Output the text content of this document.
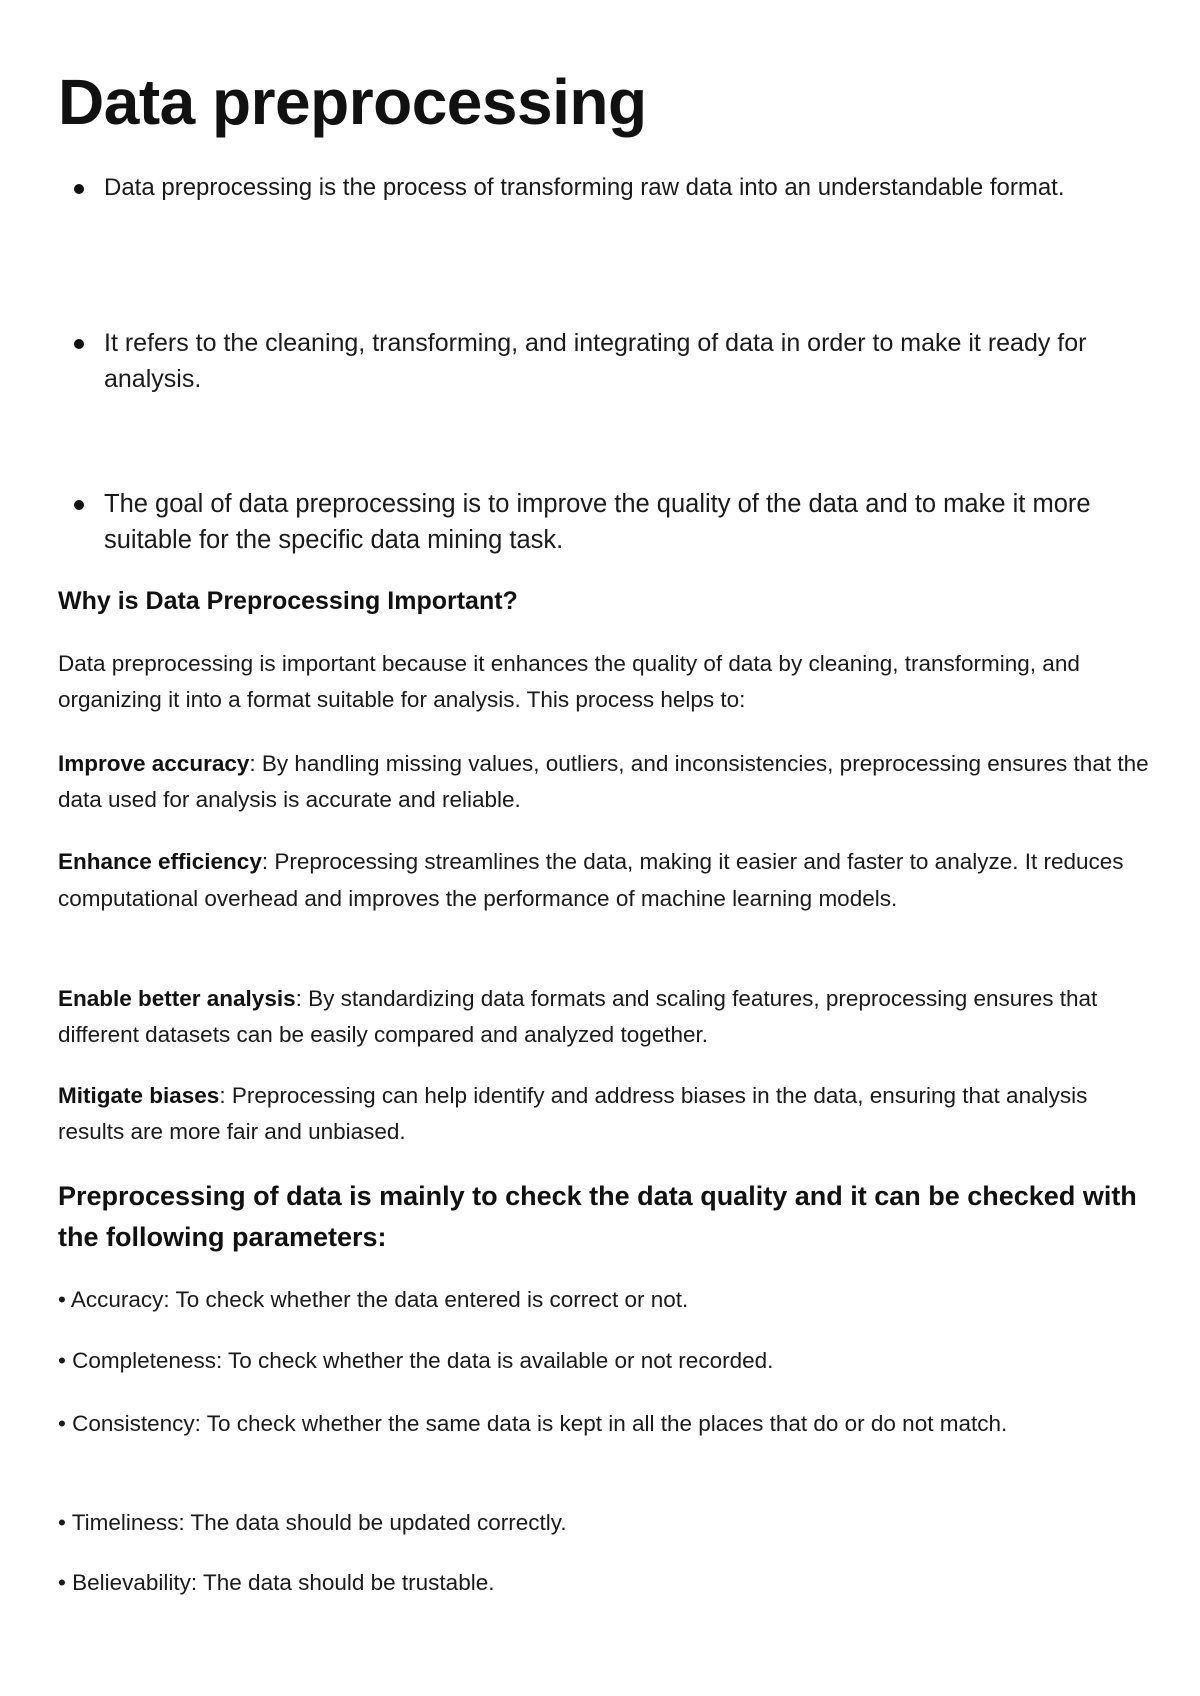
Data preprocessing
Data preprocessing is the process of transforming raw data into an understandable format.
It refers to the cleaning, transforming, and integrating of data in order to make it ready for analysis.
The goal of data preprocessing is to improve the quality of the data and to make it more suitable for the specific data mining task.
Why is Data Preprocessing Important?

Data preprocessing is important because it enhances the quality of data by cleaning, transforming, and organizing it into a format suitable for analysis. This process helps to:

Improve accuracy: By handling missing values, outliers, and inconsistencies, preprocessing ensures that the data used for analysis is accurate and reliable.

Enhance efficiency: Preprocessing streamlines the data, making it easier and faster to analyze. It reduces computational overhead and improves the performance of machine learning models.

Enable better analysis: By standardizing data formats and scaling features, preprocessing ensures that different datasets can be easily compared and analyzed together.

Mitigate biases: Preprocessing can help identify and address biases in the data, ensuring that analysis results are more fair and unbiased.

Preprocessing of data is mainly to check the data quality and it can be checked with the following parameters:

• Accuracy: To check whether the data entered is correct or not.

• Completeness: To check whether the data is available or not recorded.

• Consistency: To check whether the same data is kept in all the places that do or do not match.

• Timeliness: The data should be updated correctly.

• Believability: The data should be trustable.
